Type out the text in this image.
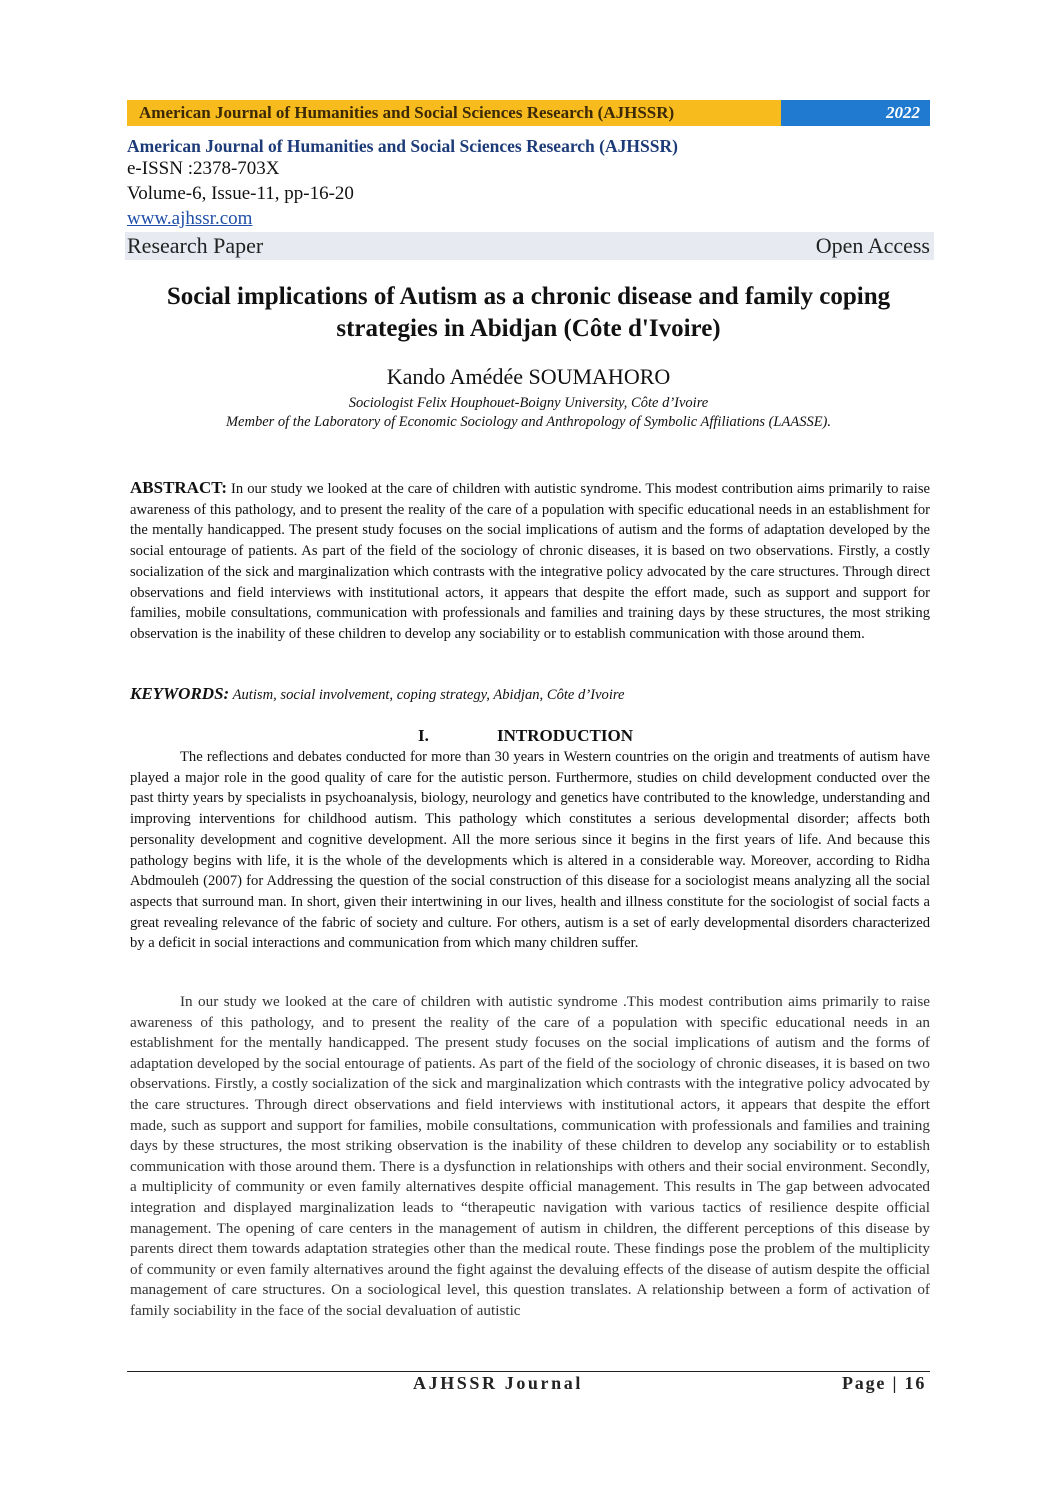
American Journal of Humanities and Social Sciences Research (AJHSSR)	2022
American Journal of Humanities and Social Sciences Research (AJHSSR)
e-ISSN :2378-703X
Volume-6, Issue-11, pp-16-20
www.ajhssr.com
Research Paper	Open Access
Social implications of Autism as a chronic disease and family coping strategies in Abidjan (Côte d'Ivoire)
Kando Amédée SOUMAHORO
Sociologist Felix Houphouet-Boigny University, Côte d’Ivoire
Member of the Laboratory of Economic Sociology and Anthropology of Symbolic Affiliations (LAASSE).
ABSTRACT: In our study we looked at the care of children with autistic syndrome. This modest contribution aims primarily to raise awareness of this pathology, and to present the reality of the care of a population with specific educational needs in an establishment for the mentally handicapped. The present study focuses on the social implications of autism and the forms of adaptation developed by the social entourage of patients. As part of the field of the sociology of chronic diseases, it is based on two observations. Firstly, a costly socialization of the sick and marginalization which contrasts with the integrative policy advocated by the care structures. Through direct observations and field interviews with institutional actors, it appears that despite the effort made, such as support and support for families, mobile consultations, communication with professionals and families and training days by these structures, the most striking observation is the inability of these children to develop any sociability or to establish communication with those around them.
KEYWORDS: Autism, social involvement, coping strategy, Abidjan, Côte d’Ivoire
I.	INTRODUCTION
The reflections and debates conducted for more than 30 years in Western countries on the origin and treatments of autism have played a major role in the good quality of care for the autistic person. Furthermore, studies on child development conducted over the past thirty years by specialists in psychoanalysis, biology, neurology and genetics have contributed to the knowledge, understanding and improving interventions for childhood autism. This pathology which constitutes a serious developmental disorder; affects both personality development and cognitive development. All the more serious since it begins in the first years of life. And because this pathology begins with life, it is the whole of the developments which is altered in a considerable way. Moreover, according to Ridha Abdmouleh (2007) for Addressing the question of the social construction of this disease for a sociologist means analyzing all the social aspects that surround man. In short, given their intertwining in our lives, health and illness constitute for the sociologist of social facts a great revealing relevance of the fabric of society and culture. For others, autism is a set of early developmental disorders characterized by a deficit in social interactions and communication from which many children suffer.
In our study we looked at the care of children with autistic syndrome .This modest contribution aims primarily to raise awareness of this pathology, and to present the reality of the care of a population with specific educational needs in an establishment for the mentally handicapped. The present study focuses on the social implications of autism and the forms of adaptation developed by the social entourage of patients. As part of the field of the sociology of chronic diseases, it is based on two observations. Firstly, a costly socialization of the sick and marginalization which contrasts with the integrative policy advocated by the care structures. Through direct observations and field interviews with institutional actors, it appears that despite the effort made, such as support and support for families, mobile consultations, communication with professionals and families and training days by these structures, the most striking observation is the inability of these children to develop any sociability or to establish communication with those around them. There is a dysfunction in relationships with others and their social environment. Secondly, a multiplicity of community or even family alternatives despite official management. This results in The gap between advocated integration and displayed marginalization leads to “therapeutic navigation with various tactics of resilience despite official management. The opening of care centers in the management of autism in children, the different perceptions of this disease by parents direct them towards adaptation strategies other than the medical route. These findings pose the problem of the multiplicity of community or even family alternatives around the fight against the devaluing effects of the disease of autism despite the official management of care structures. On a sociological level, this question translates. A relationship between a form of activation of family sociability in the face of the social devaluation of autistic
AJHSSR Journal	Page | 16
